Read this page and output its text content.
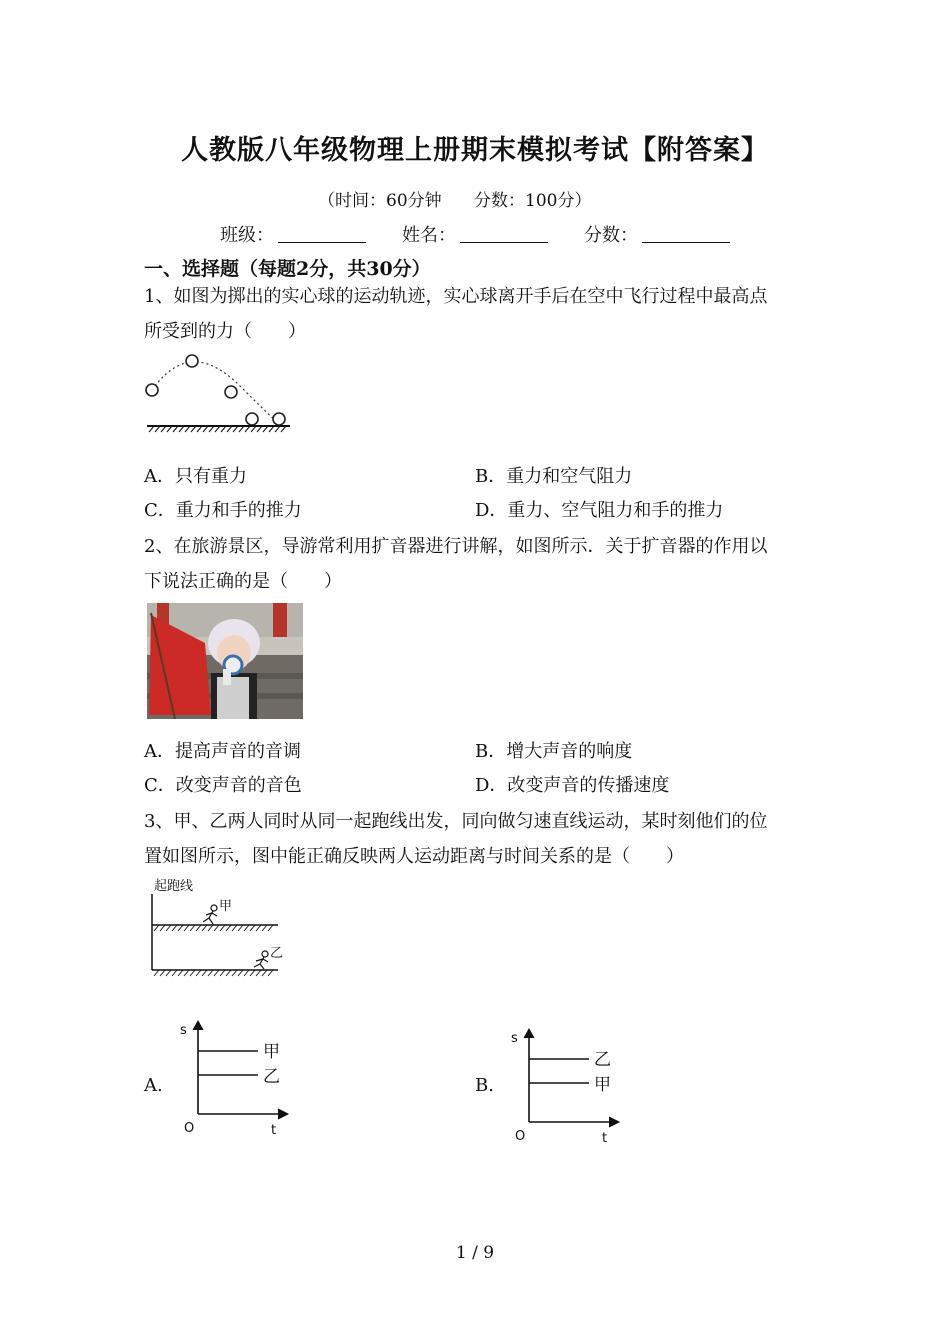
人教版八年级物理上册期末模拟考试【附答案】
（时间：60分钟 分数：100分）
班级：	姓名：	分数：
一、选择题（每题2分，共30分）
1、如图为掷出的实心球的运动轨迹，实心球离开手后在空中飞行过程中最高点
所受到的力（　　）
A．只有重力	B．重力和空气阻力
C．重力和手的推力	D．重力、空气阻力和手的推力
2、在旅游景区，导游常利用扩音器进行讲解，如图所示．关于扩音器的作用以
下说法正确的是（　　）
A．提高声音的音调	B．增大声音的响度
C．改变声音的音色	D．改变声音的传播速度
3、甲、乙两人同时从同一起跑线出发，同向做匀速直线运动，某时刻他们的位
置如图所示，图中能正确反映两人运动距离与时间关系的是（　　）
起跑线
甲
乙
A.
s
t
O
甲
乙	B.
s
t
O
乙
甲
1 / 9
